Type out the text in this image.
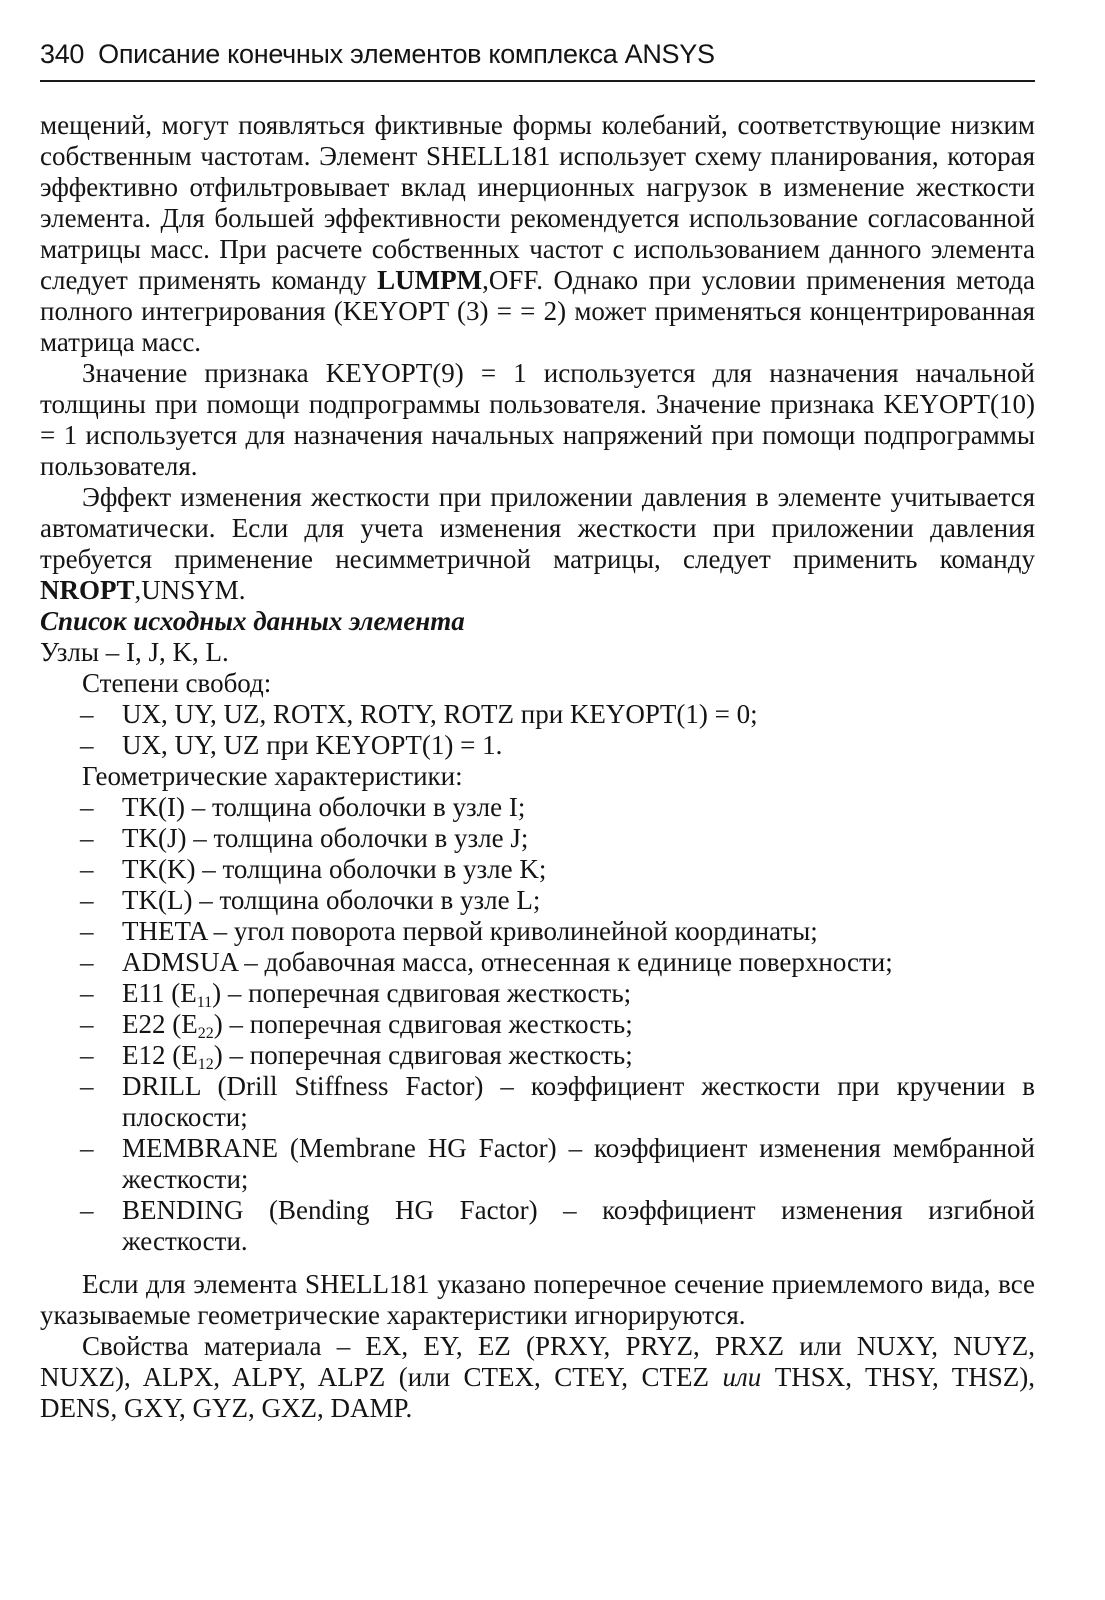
340 Описание конечных элементов комплекса ANSYS

мещений, могут появляться фиктивные формы колебаний, соответствующие низким собственным частотам. Элемент SHELL181 использует схему планирования, которая эффективно отфильтровывает вклад инерционных нагрузок в изменение жесткости элемента. Для большей эффективности рекомендуется использование согласованной матрицы масс. При расчете собственных частот с использованием данного элемента следует применять команду LUMPM,OFF. Однако при условии применения метода полного интегрирования (KEYOPT (3) = = 2) может применяться концентрированная матрица масс.

Значение признака KEYOPT(9) = 1 используется для назначения начальной толщины при помощи подпрограммы пользователя. Значение признака KEYOPT(10) = 1 используется для назначения начальных напряжений при помощи подпрограммы пользователя.

Эффект изменения жесткости при приложении давления в элементе учитывается автоматически. Если для учета изменения жесткости при приложении давления требуется применение несимметричной матрицы, следует применить команду NROPT,UNSYM.

Список исходных данных элемента

Узлы – I, J, K, L.

Степени свобод:

– UX, UY, UZ, ROTX, ROTY, ROTZ при KEYOPT(1) = 0;
– UX, UY, UZ при KEYOPT(1) = 1.

Геометрические характеристики:

– TK(I) – толщина оболочки в узле I;
– TK(J) – толщина оболочки в узле J;
– TK(K) – толщина оболочки в узле K;
– TK(L) – толщина оболочки в узле L;
– THETA – угол поворота первой криволинейной координаты;
– ADMSUA – добавочная масса, отнесенная к единице поверхности;
– E11 $(E_{11})$ – поперечная сдвиговая жесткость;
– E22 $(E_{22})$ – поперечная сдвиговая жесткость;
– E12 $(E_{12})$ – поперечная сдвиговая жесткость;
– DRILL (Drill Stiffness Factor) – коэффициент жесткости при кручении в плоскости;
– MEMBRANE (Membrane HG Factor) – коэффициент изменения мембранной жесткости;
– BENDING (Bending HG Factor) – коэффициент изменения изгибной жесткости.

Если для элемента SHELL181 указано поперечное сечение приемлемого вида, все указываемые геометрические характеристики игнорируются.

Свойства материала – EX, EY, EZ (PRXY, PRYZ, PRXZ или NUXY, NUYZ, NUXZ), ALPX, ALPY, ALPZ (или CTEX, CTEY, CTEZ или THSX, THSY, THSZ), DENS, GXY, GYZ, GXZ, DAMP.
